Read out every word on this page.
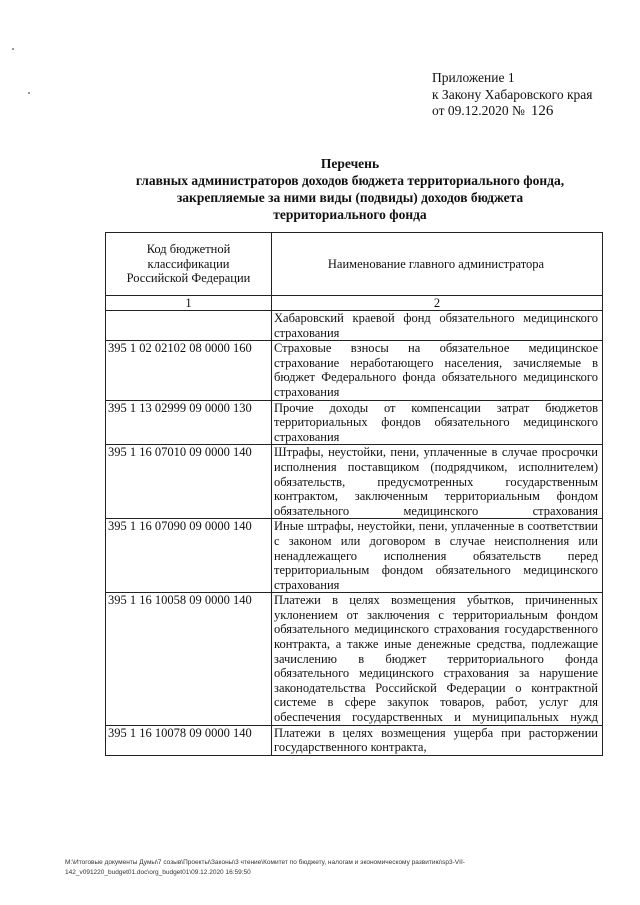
Приложение 1
к Закону Хабаровского края
от 09.12.2020 № 126
Перечень
главных администраторов доходов бюджета территориального фонда,
закрепляемые за ними виды (подвиды) доходов бюджета
территориального фонда
Код бюджетной классификации Российской Федерации	Наименование главного администратора
1	2
	Хабаровский краевой фонд обязательного медицинского страхования
395 1 02 02102 08 0000 160	Страховые взносы на обязательное медицинское страхование неработающего населения, зачисляемые в бюджет Федерального фонда обязательного медицинского страхования
395 1 13 02999 09 0000 130	Прочие доходы от компенсации затрат бюджетов территориальных фондов обязательного медицинского страхования
395 1 16 07010 09 0000 140	Штрафы, неустойки, пени, уплаченные в случае просрочки исполнения поставщиком (подрядчиком, исполнителем) обязательств, предусмотренных государственным контрактом, заключенным территориальным фондом обязательного медицинского страхования
395 1 16 07090 09 0000 140	Иные штрафы, неустойки, пени, уплаченные в соответствии с законом или договором в случае неисполнения или ненадлежащего исполнения обязательств перед территориальным фондом обязательного медицинского страхования
395 1 16 10058 09 0000 140	Платежи в целях возмещения убытков, причиненных уклонением от заключения с территориальным фондом обязательного медицинского страхования государственного контракта, а также иные денежные средства, подлежащие зачислению в бюджет территориального фонда обязательного медицинского страхования за нарушение законодательства Российской Федерации о контрактной системе в сфере закупок товаров, работ, услуг для обеспечения государственных и муниципальных нужд
395 1 16 10078 09 0000 140	Платежи в целях возмещения ущерба при расторжении государственного контракта,
M:\Итоговые документы Думы\7 созыв\Проекты\Законы\3 чтение\Комитет по бюджету, налогам и экономическому развитию\sp3-VII-
142_v091220_budget01.doc\org_budget01\09.12.2020 16:59:50
